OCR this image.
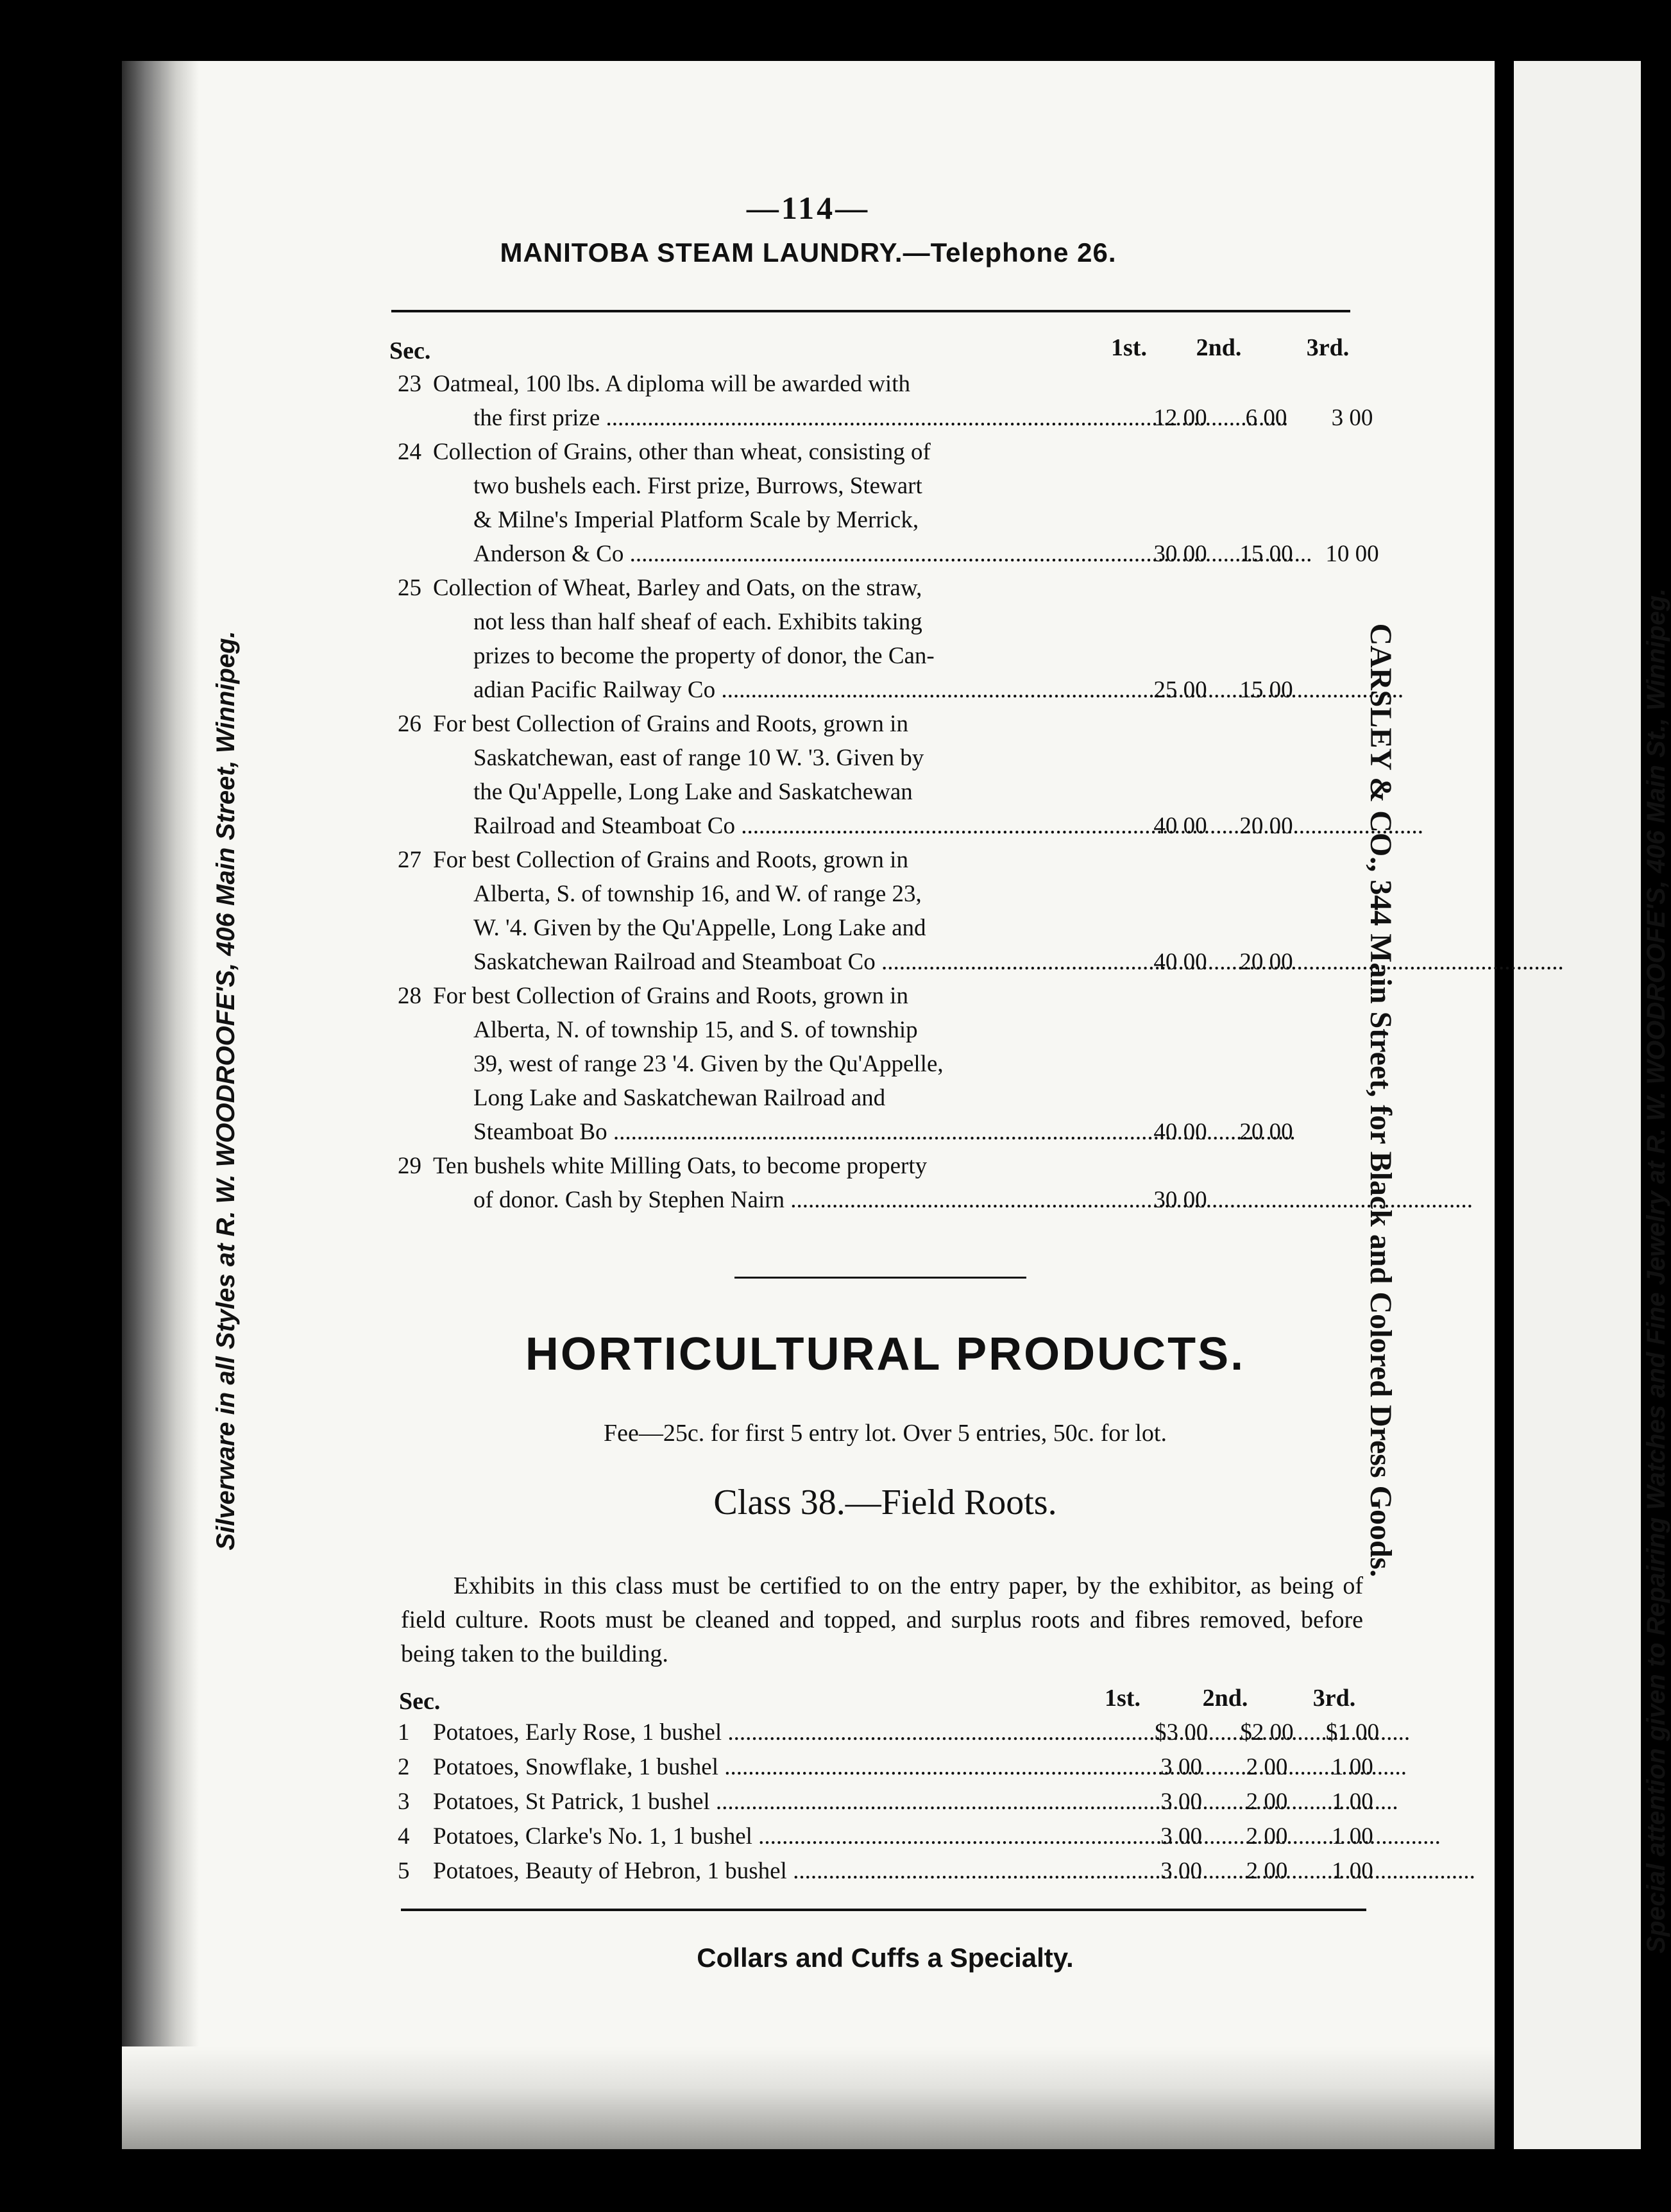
—114—
MANITOBA STEAM LAUNDRY.—Telephone 26.
Sec.	1st.	2nd.	3rd.
23 Oatmeal, 100 lbs. A diploma will be awarded with
the first prize .....	12 00	6 00	3 00
24 Collection of Grains, other than wheat, consisting of
two bushels each. First prize, Burrows, Stewart
& Milne's Imperial Platform Scale by Merrick,
Anderson & Co .....	30 00	15 00	10 00
25 Collection of Wheat, Barley and Oats, on the straw,
not less than half sheaf of each. Exhibits taking
prizes to become the property of donor, the Can-
adian Pacific Railway Co .....	25 00	15 00
26 For best Collection of Grains and Roots, grown in
Saskatchewan, east of range 10 W. '3. Given by
the Qu'Appelle, Long Lake and Saskatchewan
Railroad and Steamboat Co .....	40 00	20 00
27 For best Collection of Grains and Roots, grown in
Alberta, S. of township 16, and W. of range 23,
W. '4. Given by the Qu'Appelle, Long Lake and
Saskatchewan Railroad and Steamboat Co .....	40 00	20 00
28 For best Collection of Grains and Roots, grown in
Alberta, N. of township 15, and S. of township
39, west of range 23 '4. Given by the Qu'Appelle,
Long Lake and Saskatchewan Railroad and
Steamboat Bo .....	40 00	20 00
29 Ten bushels white Milling Oats, to become property
of donor. Cash by Stephen Nairn .....	30 00
HORTICULTURAL PRODUCTS.
Fee—25c. for first 5 entry lot. Over 5 entries, 50c. for lot.
Class 38.—Field Roots.

Exhibits in this class must be certified to on the entry paper, by the exhibitor, as being of field culture. Roots must be cleaned and topped, and surplus roots and fibres removed, before being taken to the building.

Sec.	1st.	2nd.	3rd.
1 Potatoes, Early Rose, 1 bushel .....	$3 00	$2 00	$1 00
2 Potatoes, Snowflake, 1 bushel .....	3 00	2 00	1 00
3 Potatoes, St Patrick, 1 bushel .....	3 00	2 00	1 00
4 Potatoes, Clarke's No. 1, 1 bushel .....	3 00	2 00	1 00
5 Potatoes, Beauty of Hebron, 1 bushel .....	3 00	2 00	1 00
Collars and Cuffs a Specialty.
Silverware in all Styles at R. W. WOODROOFE'S, 406 Main Street, Winnipeg.	CARSLEY & CO., 344 Main Street, for Black and Colored Dress Goods.	Special attention given to Repairing Watches and Fine Jewelry at R. W. WOODROOFE'S, 406 Main St., Winnipeg.
